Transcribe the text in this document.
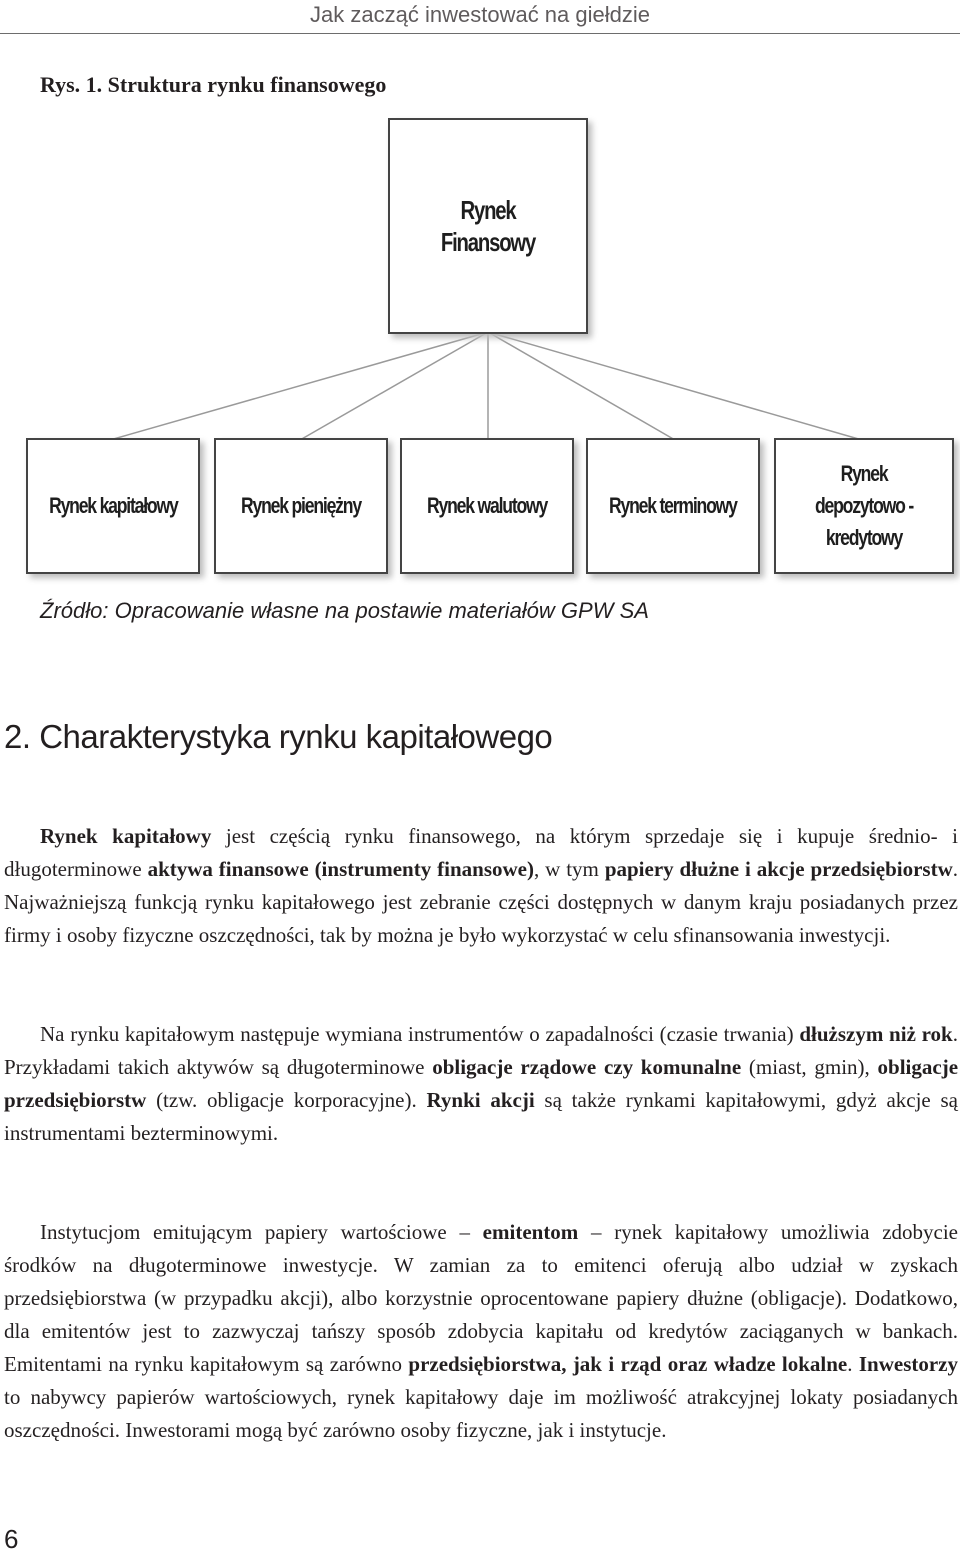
Jak zacząć inwestować na giełdzie
Rys. 1. Struktura rynku finansowego
Rynek Finansowy
Rynek kapitałowy	Rynek pieniężny	Rynek walutowy	Rynek terminowy
Rynek depozytowo - kredytowy
Źródło: Opracowanie własne na postawie materiałów GPW SA
2. Charakterystyka rynku kapitałowego

Rynek kapitałowy jest częścią rynku finansowego, na którym sprzedaje się i kupuje średnio- i długoterminowe aktywa finansowe (instrumenty finansowe), w tym papiery dłużne i akcje przedsiębiorstw. Najważniejszą funkcją rynku kapitałowego jest zebranie części dostępnych w danym kraju posiadanych przez firmy i osoby fizyczne oszczędności, tak by można je było wykorzystać w celu sfinansowania inwestycji.

Na rynku kapitałowym następuje wymiana instrumentów o zapadalności (czasie trwania) dłuższym niż rok. Przykładami takich aktywów są długoterminowe obligacje rządowe czy komunalne (miast, gmin), obligacje przedsiębiorstw (tzw. obligacje korporacyjne). Rynki akcji są także rynkami kapitałowymi, gdyż akcje są instrumentami bezterminowymi.

Instytucjom emitującym papiery wartościowe – emitentom – rynek kapitałowy umożliwia zdobycie środków na długoterminowe inwestycje. W zamian za to emitenci oferują albo udział w zyskach przedsiębiorstwa (w przypadku akcji), albo korzystnie oprocentowane papiery dłużne (obligacje). Dodatkowo, dla emitentów jest to zazwyczaj tańszy sposób zdobycia kapitału od kredytów zaciąganych w bankach. Emitentami na rynku kapitałowym są zarówno przedsiębiorstwa, jak i rząd oraz władze lokalne. Inwestorzy to nabywcy papierów wartościowych, rynek kapitałowy daje im możliwość atrakcyjnej lokaty posiadanych oszczędności. Inwestorami mogą być zarówno osoby fizyczne, jak i instytucje.

6
